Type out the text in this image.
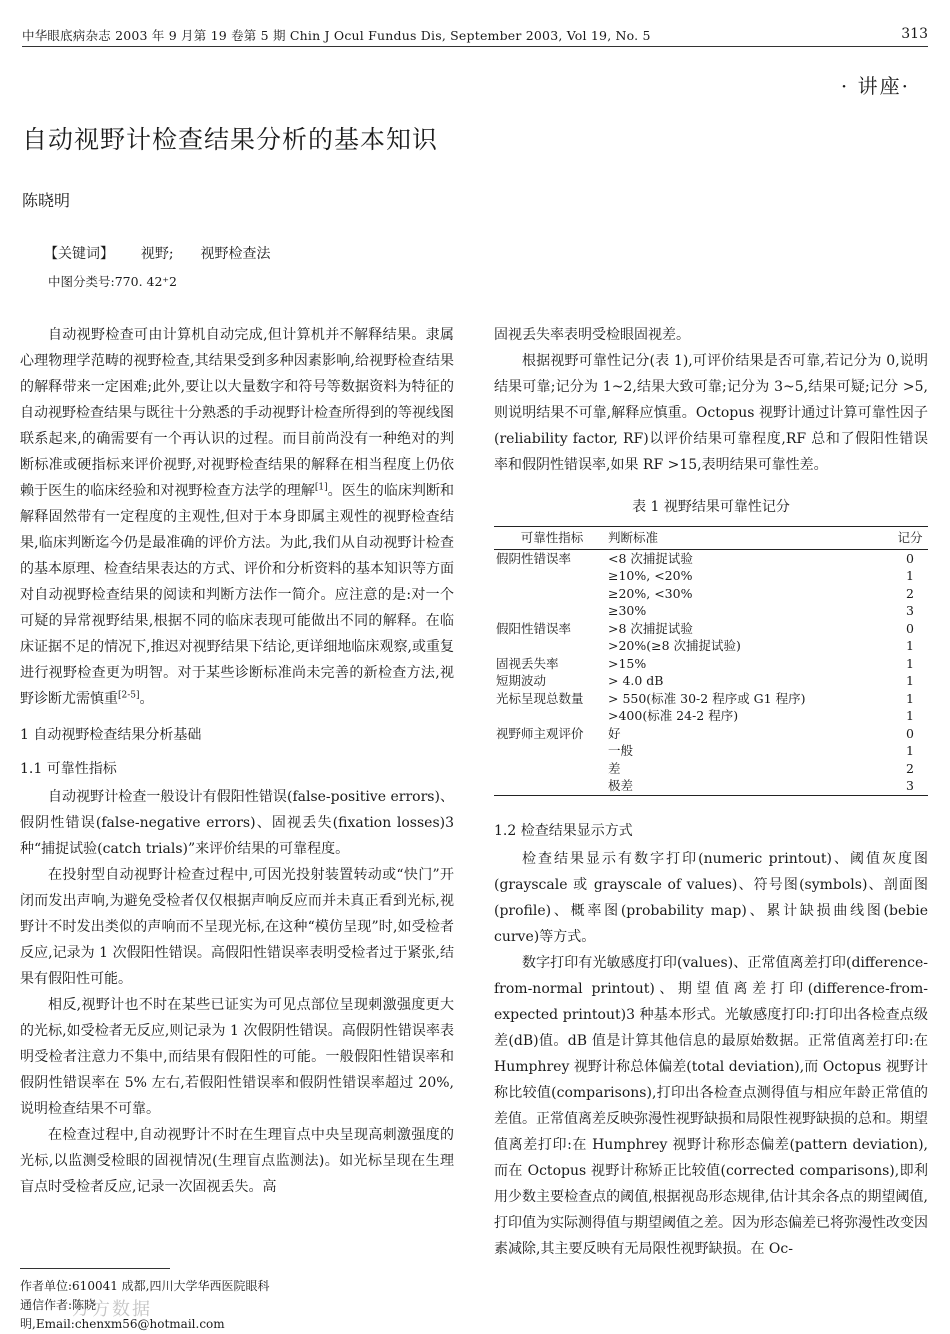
中华眼底病杂志 2003 年 9 月第 19 卷第 5 期 Chin J Ocul Fundus Dis, September 2003, Vol 19, No. 5	313
· 讲座·
自动视野计检查结果分析的基本知识
陈晓明
【关键词】 视野; 视野检查法
中图分类号:770. 42⁺2

自动视野检查可由计算机自动完成,但计算机并不解释结果。隶属心理物理学范畴的视野检查,其结果受到多种因素影响,给视野检查结果的解释带来一定困难;此外,要让以大量数字和符号等数据资料为特征的自动视野检查结果与既往十分熟悉的手动视野计检查所得到的等视线图联系起来,的确需要有一个再认识的过程。而目前尚没有一种绝对的判断标准或硬指标来评价视野,对视野检查结果的解释在相当程度上仍依赖于医生的临床经验和对视野检查方法学的理解[1]。医生的临床判断和解释固然带有一定程度的主观性,但对于本身即属主观性的视野检查结果,临床判断迄今仍是最准确的评价方法。为此,我们从自动视野计检查的基本原理、检查结果表达的方式、评价和分析资料的基本知识等方面对自动视野检查结果的阅读和判断方法作一简介。应注意的是:对一个可疑的异常视野结果,根据不同的临床表现可能做出不同的解释。在临床证据不足的情况下,推迟对视野结果下结论,更详细地临床观察,或重复进行视野检查更为明智。对于某些诊断标准尚未完善的新检查方法,视野诊断尤需慎重[2-5]。

1 自动视野检查结果分析基础
1.1 可靠性指标

自动视野计检查一般设计有假阳性错误(false-positive errors)、假阴性错误(false-negative errors)、固视丢失(fixation losses)3 种“捕捉试验(catch trials)”来评价结果的可靠程度。

在投射型自动视野计检查过程中,可因光投射装置转动或“快门”开闭而发出声响,为避免受检者仅仅根据声响反应而并未真正看到光标,视野计不时发出类似的声响而不呈现光标,在这种“模仿呈现”时,如受检者反应,记录为 1 次假阳性错误。高假阳性错误率表明受检者过于紧张,结果有假阳性可能。

相反,视野计也不时在某些已证实为可见点部位呈现刺激强度更大的光标,如受检者无反应,则记录为 1 次假阴性错误。高假阴性错误率表明受检者注意力不集中,而结果有假阳性的可能。一般假阳性错误率和假阴性错误率在 5% 左右,若假阳性错误率和假阴性错误率超过 20%,说明检查结果不可靠。

在检查过程中,自动视野计不时在生理盲点中央呈现高刺激强度的光标,以监测受检眼的固视情况(生理盲点监测法)。如光标呈现在生理盲点时受检者反应,记录一次固视丢失。高

固视丢失率表明受检眼固视差。

根据视野可靠性记分(表 1),可评价结果是否可靠,若记分为 0,说明结果可靠;记分为 1~2,结果大致可靠;记分为 3~5,结果可疑;记分 >5,则说明结果不可靠,解释应慎重。Octopus 视野计通过计算可靠性因子(reliability factor, RF)以评价结果可靠程度,RF 总和了假阳性错误率和假阴性错误率,如果 RF >15,表明结果可靠性差。

表 1 视野结果可靠性记分
可靠性指标	判断标准	记分
假阴性错误率	<8 次捕捉试验	0
	≥10%, <20%	1
	≥20%, <30%	2
	≥30%	3
假阳性错误率	>8 次捕捉试验	0
	>20%(≥8 次捕捉试验)	1
固视丢失率	>15%	1
短期波动	> 4.0 dB	1
光标呈现总数量	> 550(标准 30-2 程序或 G1 程序)	1
	>400(标准 24-2 程序)	1
视野师主观评价	好	0
	一般	1
	差	2
	极差	3
1.2 检查结果显示方式

检查结果显示有数字打印(numeric printout)、阈值灰度图(grayscale 或 grayscale of values)、符号图(symbols)、剖面图(profile)、概率图(probability map)、累计缺损曲线图(bebie curve)等方式。

数字打印有光敏感度打印(values)、正常值离差打印(difference-from-normal printout)、期望值离差打印(difference-from-expected printout)3 种基本形式。光敏感度打印:打印出各检查点级差(dB)值。dB 值是计算其他信息的最原始数据。正常值离差打印:在 Humphrey 视野计称总体偏差(total deviation),而 Octopus 视野计称比较值(comparisons),打印出各检查点测得值与相应年龄正常值的差值。正常值离差反映弥漫性视野缺损和局限性视野缺损的总和。期望值离差打印:在 Humphrey 视野计称形态偏差(pattern deviation),而在 Octopus 视野计称矫正比较值(corrected comparisons),即利用少数主要检查点的阈值,根据视岛形态规律,估计其余各点的期望阈值,打印值为实际测得值与期望阈值之差。因为形态偏差已将弥漫性改变因素减除,其主要反映有无局限性视野缺损。在 Oc-

作者单位:610041 成都,四川大学华西医院眼科
通信作者:陈晓明,Email:chenxm56@hotmail.com
万方数据
